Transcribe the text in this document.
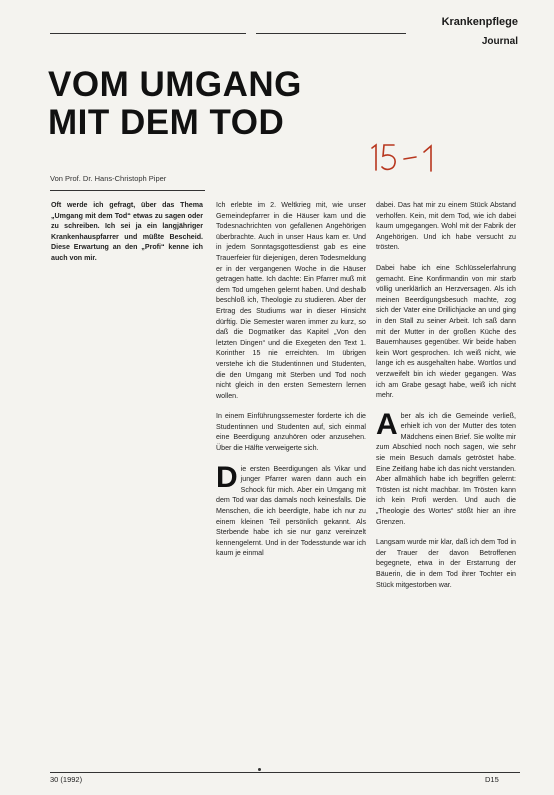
Krankenpflege
Journal
VOM UMGANG
MIT DEM TOD
Von Prof. Dr. Hans-Christoph Piper

Oft werde ich gefragt, über das Thema „Umgang mit dem Tod“ etwas zu sagen oder zu schreiben. Ich sei ja ein langjähriger Krankenhauspfarrer und müßte Bescheid. Diese Erwartung an den „Profi“ kenne ich auch von mir.

Ich erlebte im 2. Weltkrieg mit, wie unser Gemeindepfarrer in die Häuser kam und die Todesnachrichten von gefallenen Angehörigen überbrachte. Auch in unser Haus kam er. Und in jedem Sonntagsgottesdienst gab es eine Trauerfeier für diejenigen, deren Todesmeldung er in der vergangenen Woche in die Häuser getragen hatte. Ich dachte: Ein Pfarrer muß mit dem Tod umgehen gelernt haben. Und deshalb beschloß ich, Theologie zu studieren. Aber der Ertrag des Studiums war in dieser Hinsicht dürftig. Die Semester waren immer zu kurz, so daß die Dogmatiker das Kapitel „Von den letzten Dingen“ und die Exegeten den Text 1. Korinther 15 nie erreichten. Im übrigen verstehe ich die Studentinnen und Studenten, die den Umgang mit Sterben und Tod noch nicht gleich in den ersten Semestern lernen wollen.

In einem Einführungssemester forderte ich die Studentinnen und Studenten auf, sich einmal eine Beerdigung anzuhören oder anzusehen. Über die Hälfte verweigerte sich.

Die ersten Beerdigungen als Vikar und junger Pfarrer waren dann auch ein Schock für mich. Aber ein Umgang mit dem Tod war das damals noch keinesfalls. Die Menschen, die ich beerdigte, habe ich nur zu einem kleinen Teil persönlich gekannt. Als Sterbende habe ich sie nur ganz vereinzelt kennengelernt. Und in der Todesstunde war ich kaum je einmal

dabei. Das hat mir zu einem Stück Abstand verholfen. Kein, mit dem Tod, wie ich dabei kaum umgegangen. Wohl mit der Fabrik der Angehörigen. Und ich habe versucht zu trösten.

Dabei habe ich eine Schlüsselerfahrung gemacht. Eine Konfirmandin von mir starb völlig unerklärlich an Herzversagen. Als ich meinen Beerdigungsbesuch machte, zog sich der Vater eine Drillichjacke an und ging in den Stall zu seiner Arbeit. Ich saß dann mit der Mutter in der großen Küche des Bauernhauses gegenüber. Wir beide haben kein Wort gesprochen. Ich weiß nicht, wie lange ich es ausgehalten habe. Wortlos und verzweifelt bin ich wieder gegangen. Was ich am Grabe gesagt habe, weiß ich nicht mehr.

Aber als ich die Gemeinde verließ, erhielt ich von der Mutter des toten Mädchens einen Brief. Sie wollte mir zum Abschied noch noch sagen, wie sehr sie mein Besuch damals getröstet habe. Eine Zeitlang habe ich das nicht verstanden. Aber allmählich habe ich begriffen gelernt: Trösten ist nicht machbar. Im Trösten kann ich kein Profi werden. Und auch die „Theologie des Wortes“ stößt hier an ihre Grenzen.

Langsam wurde mir klar, daß ich dem Tod in der Trauer der davon Betroffenen begegnete, etwa in der Erstarrung der Bäuerin, die in dem Tod ihrer Tochter ein Stück mitgestorben war.

30 (1992)	D15
